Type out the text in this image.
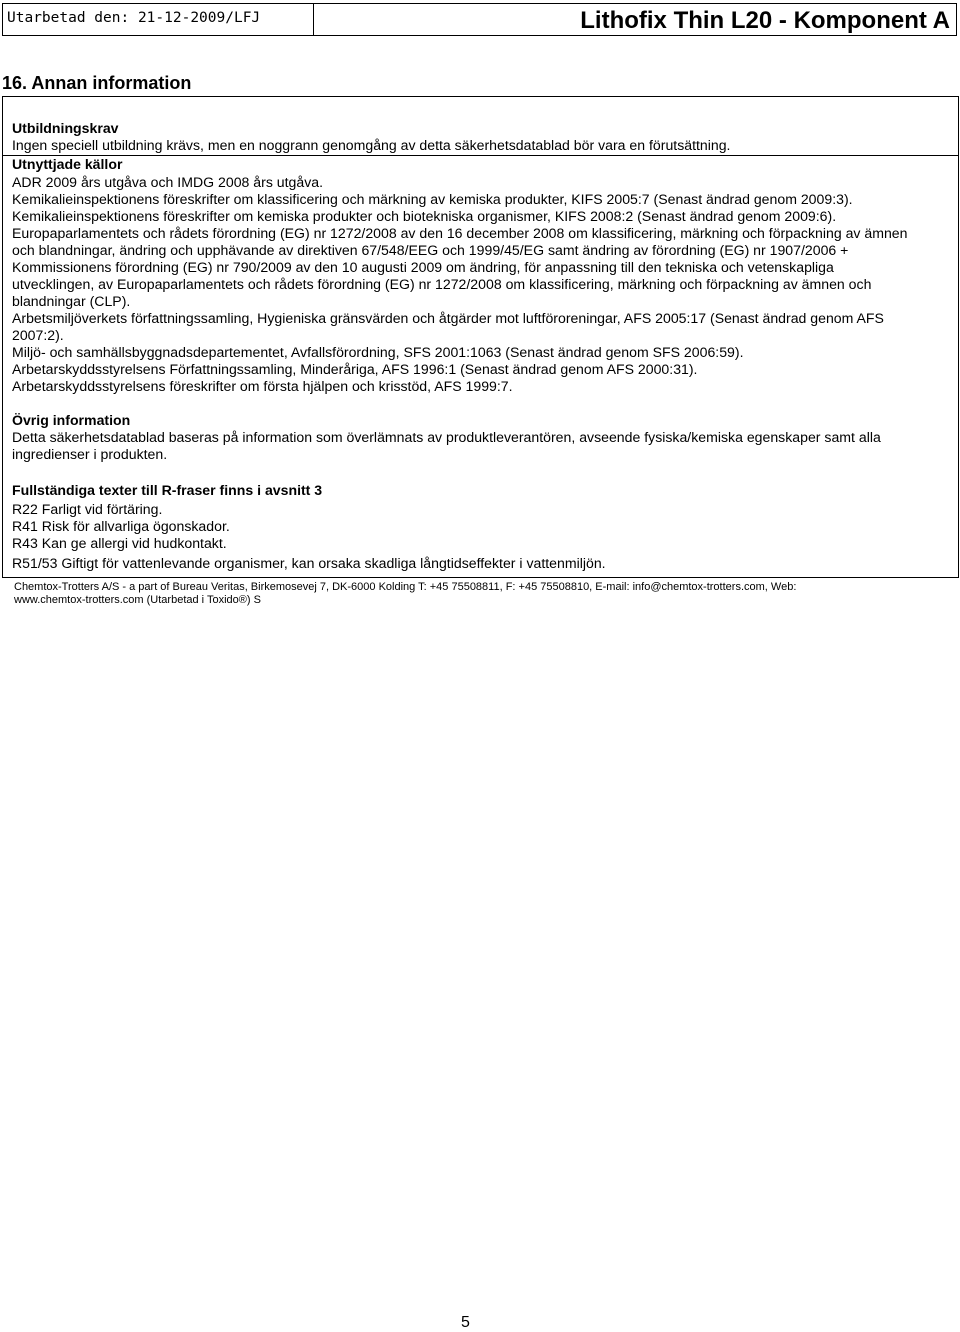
Utarbetad den: 21-12-2009/LFJ	Lithofix Thin L20 - Komponent A
16. Annan information
Utbildningskrav
Ingen speciell utbildning krävs, men en noggrann genomgång av detta säkerhetsdatablad bör vara en förutsättning.
Utnyttjade källor
ADR 2009 års utgåva och IMDG 2008 års utgåva.
Kemikalieinspektionens föreskrifter om klassificering och märkning av kemiska produkter, KIFS 2005:7 (Senast ändrad genom 2009:3).
Kemikalieinspektionens föreskrifter om kemiska produkter och biotekniska organismer, KIFS 2008:2 (Senast ändrad genom 2009:6).
Europaparlamentets och rådets förordning (EG) nr 1272/2008 av den 16 december 2008 om klassificering, märkning och förpackning av ämnen
och blandningar, ändring och upphävande av direktiven 67/548/EEG och 1999/45/EG samt ändring av förordning (EG) nr 1907/2006 +
Kommissionens förordning (EG) nr 790/2009 av den 10 augusti 2009 om ändring, för anpassning till den tekniska och vetenskapliga
utvecklingen, av Europaparlamentets och rådets förordning (EG) nr 1272/2008 om klassificering, märkning och förpackning av ämnen och
blandningar (CLP).
Arbetsmiljöverkets författningssamling, Hygieniska gränsvärden och åtgärder mot luftföroreningar, AFS 2005:17 (Senast ändrad genom AFS
2007:2).
Miljö- och samhällsbyggnadsdepartementet, Avfallsförordning, SFS 2001:1063 (Senast ändrad genom SFS 2006:59).
Arbetarskyddsstyrelsens Författningssamling, Minderåriga, AFS 1996:1 (Senast ändrad genom AFS 2000:31).
Arbetarskyddsstyrelsens föreskrifter om första hjälpen och krisstöd, AFS 1999:7.
Övrig information
Detta säkerhetsdatablad baseras på information som överlämnats av produktleverantören, avseende fysiska/kemiska egenskaper samt alla
ingredienser i produkten.
Fullständiga texter till R-fraser finns i avsnitt 3
R22 Farligt vid förtäring.
R41 Risk för allvarliga ögonskador.
R43 Kan ge allergi vid hudkontakt.
R51/53 Giftigt för vattenlevande organismer, kan orsaka skadliga långtidseffekter i vattenmiljön.
Chemtox-Trotters A/S - a part of Bureau Veritas, Birkemosevej 7, DK-6000 Kolding T: +45 75508811, F: +45 75508810, E-mail: info@chemtox-trotters.com, Web:
www.chemtox-trotters.com (Utarbetad i Toxido®) S
5
